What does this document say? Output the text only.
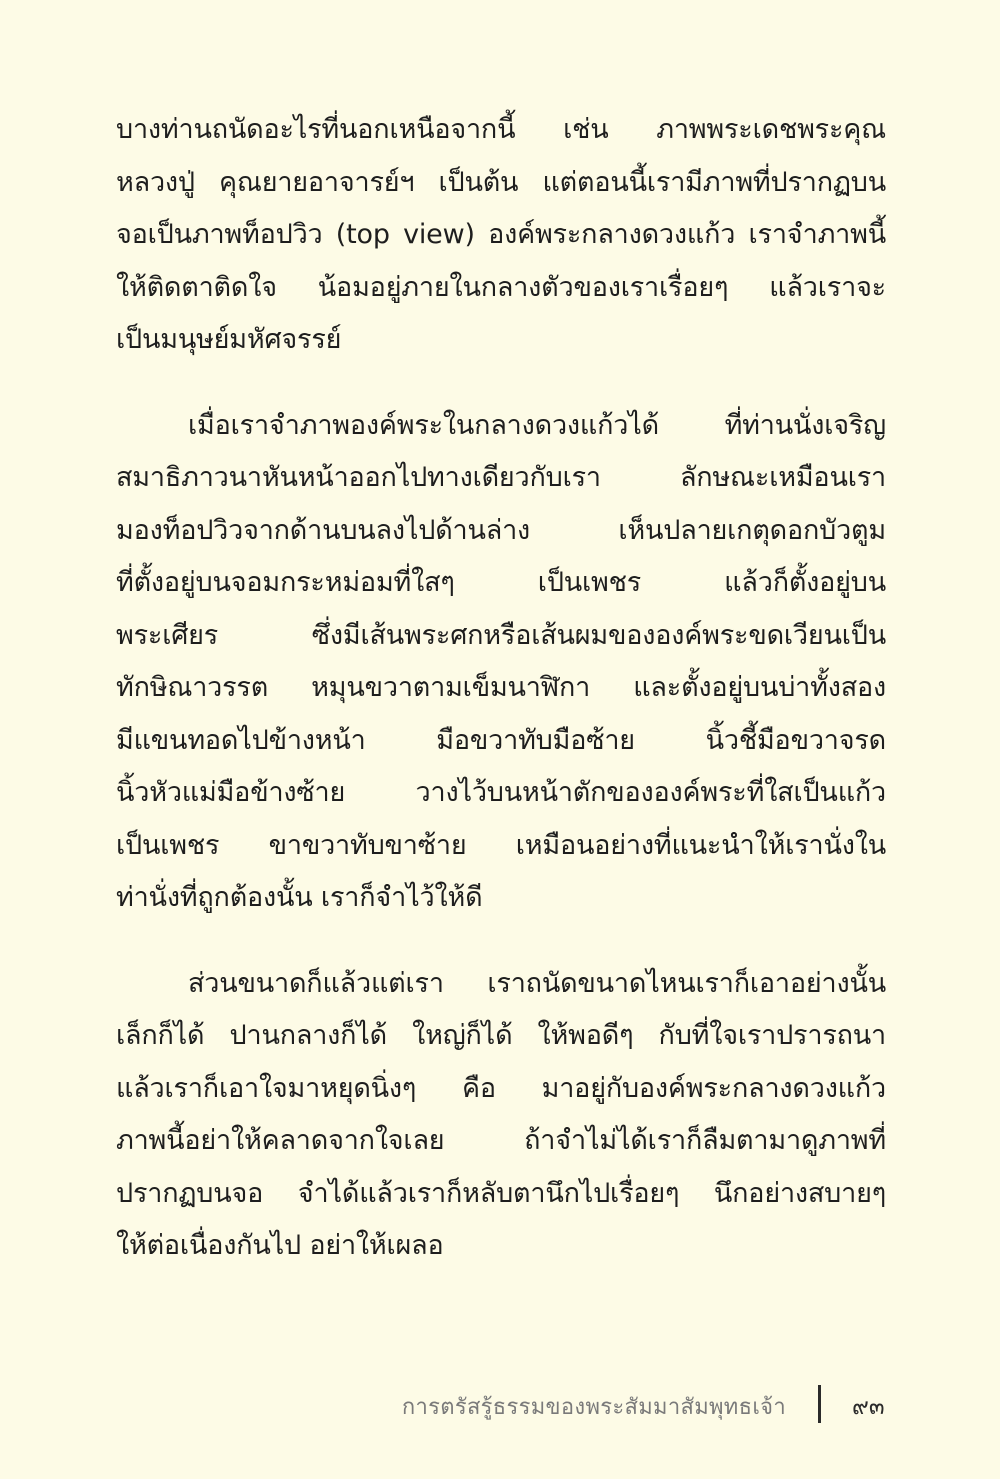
บางท่านถนัดอะไรที่นอกเหนือจากนี้ เช่น ภาพพระเดชพระคุณ
หลวงปู่ คุณยายอาจารย์ฯ เป็นต้น แต่ตอนนี้เรามีภาพที่ปรากฏบน
จอเป็นภาพท็อปวิว (top view) องค์พระกลางดวงแก้ว เราจำภาพนี้
ให้ติดตาติดใจ น้อมอยู่ภายในกลางตัวของเราเรื่อยๆ แล้วเราจะ
เป็นมนุษย์มหัศจรรย์
เมื่อเราจำภาพองค์พระในกลางดวงแก้วได้ ที่ท่านนั่งเจริญ
สมาธิภาวนาหันหน้าออกไปทางเดียวกับเรา ลักษณะเหมือนเรา
มองท็อปวิวจากด้านบนลงไปด้านล่าง เห็นปลายเกตุดอกบัวตูม
ที่ตั้งอยู่บนจอมกระหม่อมที่ใสๆ เป็นเพชร แล้วก็ตั้งอยู่บน
พระเศียร ซึ่งมีเส้นพระศกหรือเส้นผมขององค์พระขดเวียนเป็น
ทักษิณาวรรต หมุนขวาตามเข็มนาฬิกา และตั้งอยู่บนบ่าทั้งสอง
มีแขนทอดไปข้างหน้า มือขวาทับมือซ้าย นิ้วชี้มือขวาจรด
นิ้วหัวแม่มือข้างซ้าย วางไว้บนหน้าตักขององค์พระที่ใสเป็นแก้ว
เป็นเพชร ขาขวาทับขาซ้าย เหมือนอย่างที่แนะนำให้เรานั่งใน
ท่านั่งที่ถูกต้องนั้น เราก็จำไว้ให้ดี
ส่วนขนาดก็แล้วแต่เรา เราถนัดขนาดไหนเราก็เอาอย่างนั้น
เล็กก็ได้ ปานกลางก็ได้ ใหญ่ก็ได้ ให้พอดีๆ กับที่ใจเราปรารถนา
แล้วเราก็เอาใจมาหยุดนิ่งๆ คือ มาอยู่กับองค์พระกลางดวงแก้ว
ภาพนี้อย่าให้คลาดจากใจเลย ถ้าจำไม่ได้เราก็ลืมตามาดูภาพที่
ปรากฏบนจอ จำได้แล้วเราก็หลับตานึกไปเรื่อยๆ นึกอย่างสบายๆ
ให้ต่อเนื่องกันไป อย่าให้เผลอ
การตรัสรู้ธรรมของพระสัมมาสัมพุทธเจ้า	๙๓
